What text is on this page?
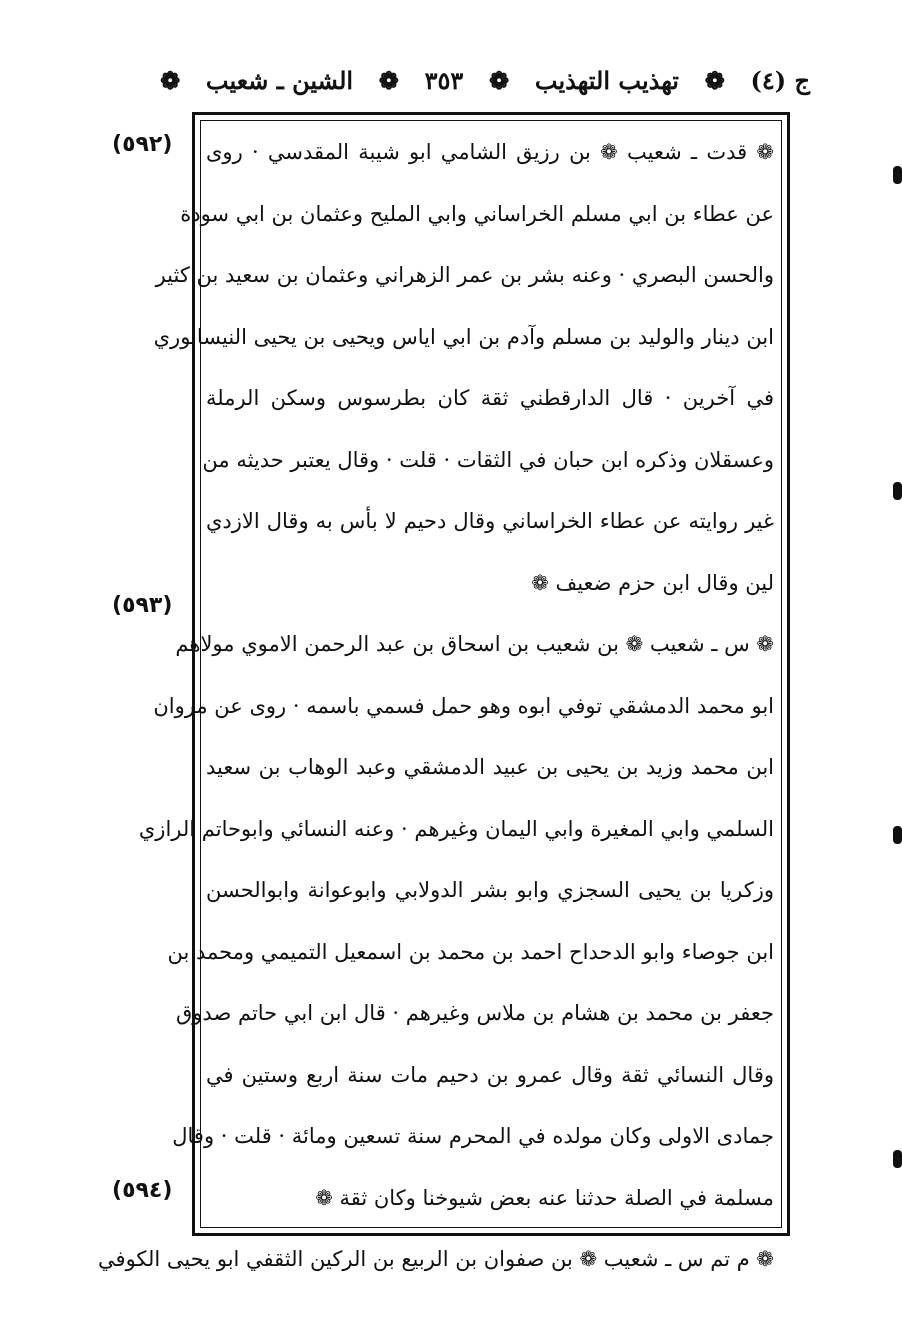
ج (٤)
❁
تهذيب التهذيب
❁
٣٥٣
❁
الشين ـ شعيب
❁
❁ قدت ـ شعيب ❁ بن رزيق الشامي ابو شيبة المقدسي · روى
عن عطاء بن ابي مسلم الخراساني وابي المليح وعثمان بن ابي سودة
والحسن البصري · وعنه بشر بن عمر الزهراني وعثمان بن سعيد بن كثير
ابن دينار والوليد بن مسلم وآدم بن ابي اياس ويحيى بن يحيى النيسابوري
في آخرين · قال الدارقطني ثقة كان بطرسوس وسكن الرملة
وعسقلان وذكره ابن حبان في الثقات · قلت · وقال يعتبر حديثه من
غير روايته عن عطاء الخراساني وقال دحيم لا بأس به وقال الازدي
لين وقال ابن حزم ضعيف ❁
❁ س ـ شعيب ❁ بن شعيب بن اسحاق بن عبد الرحمن الاموي مولاهم
ابو محمد الدمشقي توفي ابوه وهو حمل فسمي باسمه · روى عن مروان
ابن محمد وزيد بن يحيى بن عبيد الدمشقي وعبد الوهاب بن سعيد
السلمي وابي المغيرة وابي اليمان وغيرهم · وعنه النسائي وابوحاتم الرازي
وزكريا بن يحيى السجزي وابو بشر الدولابي وابوعوانة وابوالحسن
ابن جوصاء وابو الدحداح احمد بن محمد بن اسمعيل التميمي ومحمد بن
جعفر بن محمد بن هشام بن ملاس وغيرهم · قال ابن ابي حاتم صدوق
وقال النسائي ثقة وقال عمرو بن دحيم مات سنة اربع وستين في
جمادى الاولى وكان مولده في المحرم سنة تسعين ومائة · قلت · وقال
مسلمة في الصلة حدثنا عنه بعض شيوخنا وكان ثقة ❁
❁ م تم س ـ شعيب ❁ بن صفوان بن الربيع بن الركين الثقفي ابو يحيى الكوفي
(٥٩٢)
(٥٩٣)
(٥٩٤)
